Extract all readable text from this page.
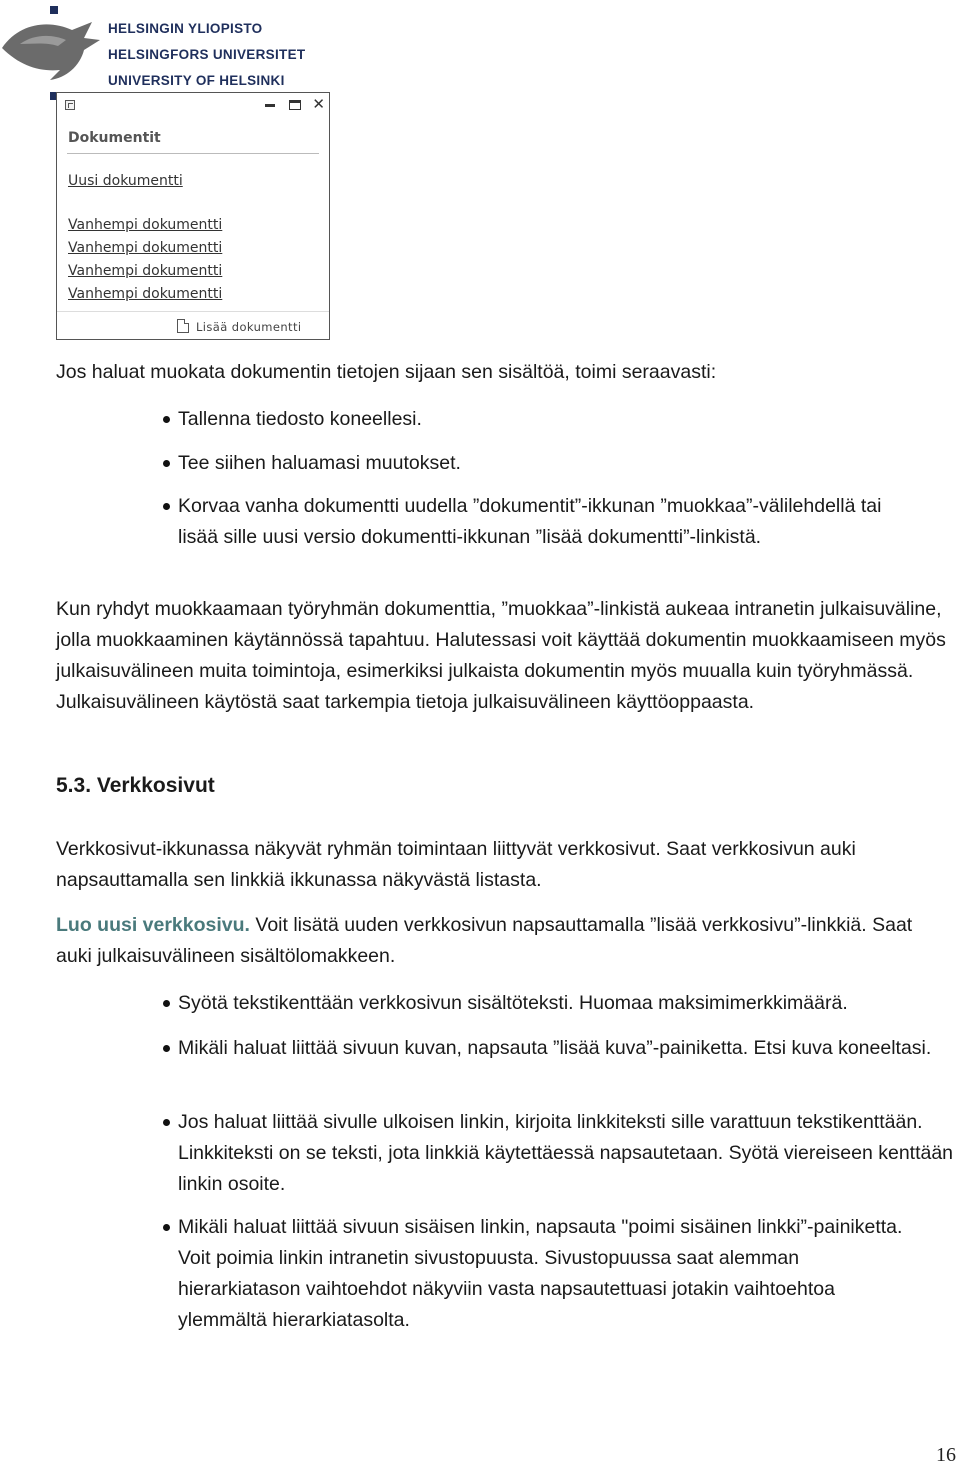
HELSINGIN YLIOPISTO
HELSINGFORS UNIVERSITET
UNIVERSITY OF HELSINKI
✕
Dokumentit
Uusi dokumentti
Vanhempi dokumentti
Vanhempi dokumentti
Vanhempi dokumentti
Vanhempi dokumentti
Lisää dokumentti
Jos haluat muokata dokumentin tietojen sijaan sen sisältöä, toimi seraavasti:
Tallenna tiedosto koneellesi.
Tee siihen haluamasi muutokset.
Korvaa vanha dokumentti uudella ”dokumentit”-ikkunan ”muokkaa”-välilehdellä tai lisää sille uusi versio dokumentti-ikkunan ”lisää dokumentti”-linkistä.
Kun ryhdyt muokkaamaan työryhmän dokumenttia, ”muokkaa”-linkistä aukeaa intranetin julkaisuväline, jolla muokkaaminen käytännössä tapahtuu. Halutessasi voit käyttää dokumentin muokkaamiseen myös julkaisuvälineen muita toimintoja, esimerkiksi julkaista dokumentin myös muualla kuin työryhmässä. Julkaisuvälineen käytöstä saat tarkempia tietoja julkaisuvälineen käyttöoppaasta.
5.3. Verkkosivut
Verkkosivut-ikkunassa näkyvät ryhmän toimintaan liittyvät verkkosivut. Saat verkkosivun auki napsauttamalla sen linkkiä ikkunassa näkyvästä listasta.
Luo uusi verkkosivu. Voit lisätä uuden verkkosivun napsauttamalla ”lisää verkkosivu”-linkkiä. Saat auki julkaisuvälineen sisältölomakkeen.
Syötä tekstikenttään verkkosivun sisältöteksti. Huomaa maksimimerkkimäärä.
Mikäli haluat liittää sivuun kuvan, napsauta ”lisää kuva”-painiketta. Etsi kuva koneeltasi.
Jos haluat liittää sivulle ulkoisen linkin, kirjoita linkkiteksti sille varattuun tekstikenttään. Linkkiteksti on se teksti, jota linkkiä käytettäessä napsautetaan. Syötä viereiseen kenttään linkin osoite.
Mikäli haluat liittää sivuun sisäisen linkin, napsauta "poimi sisäinen linkki”-painiketta. Voit poimia linkin intranetin sivustopuusta. Sivustopuussa saat alemman hierarkiatason vaihtoehdot näkyviin vasta napsautettuasi jotakin vaihtoehtoa ylemmältä hierarkiatasolta.
16
